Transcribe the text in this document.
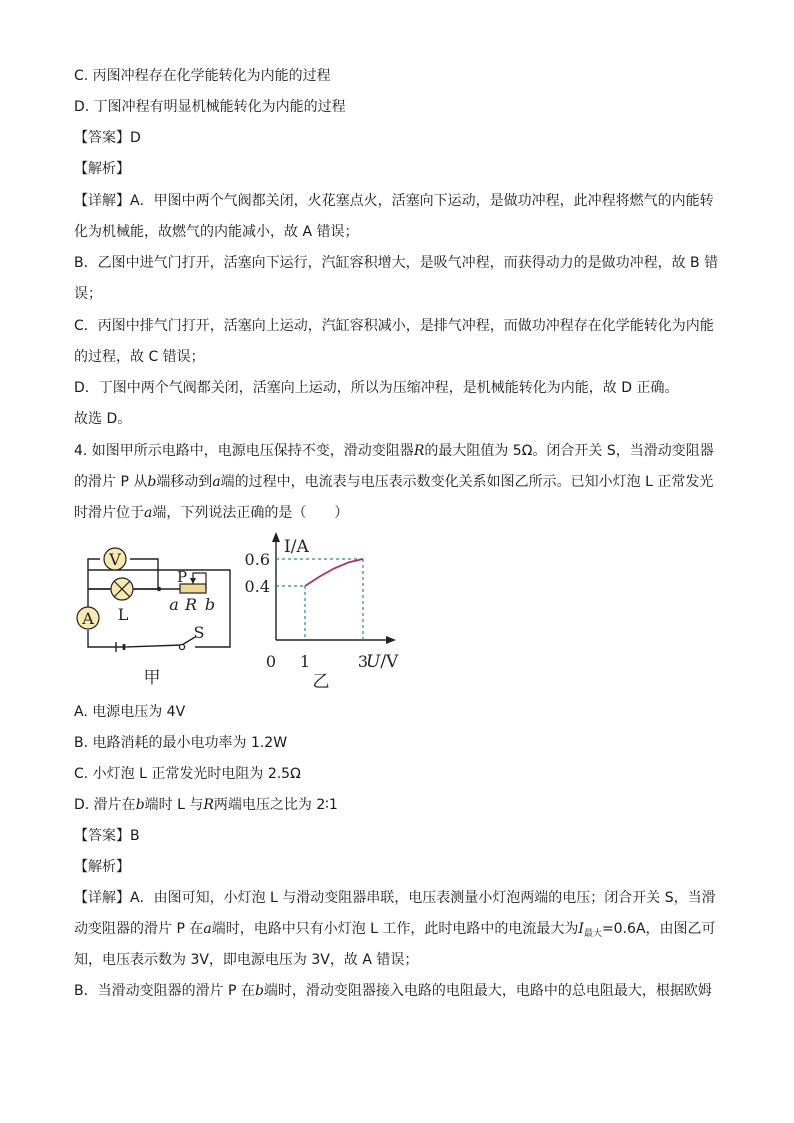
C. 丙图冲程存在化学能转化为内能的过程
D. 丁图冲程有明显机械能转化为内能的过程
【答案】D
【解析】
【详解】A．甲图中两个气阀都关闭，火花塞点火，活塞向下运动，是做功冲程，此冲程将燃气的内能转
化为机械能，故燃气的内能减小，故 A 错误；
B．乙图中进气门打开，活塞向下运行，汽缸容积增大，是吸气冲程，而获得动力的是做功冲程，故 B 错
误；
C．丙图中排气门打开，活塞向上运动，汽缸容积减小，是排气冲程，而做功冲程存在化学能转化为内能
的过程，故 C 错误；
D．丁图中两个气阀都关闭，活塞向上运动，所以为压缩冲程，是机械能转化为内能，故 D 正确。
故选 D。
4. 如图甲所示电路中，电源电压保持不变，滑动变阻器R的最大阻值为 5Ω。闭合开关 S，当滑动变阻器
的滑片 P 从b端移动到a端的过程中，电流表与电压表示数变化关系如图乙所示。已知小灯泡 L 正常发光
时滑片位于a端，下列说法正确的是（　　）
V
A L
P
a R b
S
甲
I/A
U/V
0 1	3
0.4
0.6
乙
A. 电源电压为 4V
B. 电路消耗的最小电功率为 1.2W
C. 小灯泡 L 正常发光时电阻为 2.5Ω
D. 滑片在b端时 L 与R两端电压之比为 2∶1
【答案】B
【解析】
【详解】A．由图可知，小灯泡 L 与滑动变阻器串联，电压表测量小灯泡两端的电压；闭合开关 S，当滑
动变阻器的滑片 P 在a端时，电路中只有小灯泡 L 工作，此时电路中的电流最大为$I_{最大}=0.6A$，由图乙可
知，电压表示数为 3V，即电源电压为 3V，故 A 错误；
B．当滑动变阻器的滑片 P 在b端时，滑动变阻器接入电路的电阻最大，电路中的总电阻最大，根据欧姆
